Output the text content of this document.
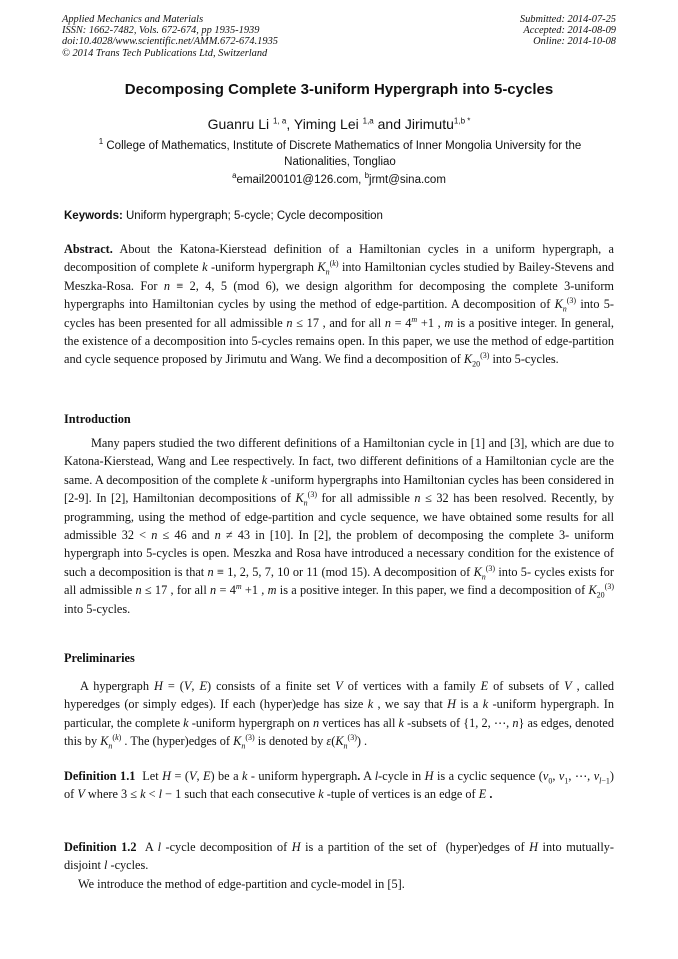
Applied Mechanics and Materials
ISSN: 1662-7482, Vols. 672-674, pp 1935-1939
doi:10.4028/www.scientific.net/AMM.672-674.1935
© 2014 Trans Tech Publications Ltd, Switzerland
Submitted: 2014-07-25
Accepted: 2014-08-09
Online: 2014-10-08
Decomposing Complete 3-uniform Hypergraph into 5-cycles
Guanru Li $^{1, a}$, Yiming Lei $^{1,a}$ and Jirimutu$^{1,b *}$
$^1$ College of Mathematics, Institute of Discrete Mathematics of Inner Mongolia University for the Nationalities, Tongliao
$^a$email200101@126.com, $^b$jrmt@sina.com
Keywords: Uniform hypergraph; 5-cycle; Cycle decomposition
Abstract. About the Katona-Kierstead definition of a Hamiltonian cycles in a uniform hypergraph, a decomposition of complete k -uniform hypergraph $K_n^{(k)}$ into Hamiltonian cycles studied by Bailey-Stevens and Meszka-Rosa. For n ≡ 2, 4, 5 (mod 6), we design algorithm for decomposing the complete 3-uniform hypergraphs into Hamiltonian cycles by using the method of edge-partition. A decomposition of $K_n^{(3)}$ into 5-cycles has been presented for all admissible n ≤ 17 , and for all $n = 4^m +1$ , m is a positive integer. In general, the existence of a decomposition into 5-cycles remains open. In this paper, we use the method of edge-partition and cycle sequence proposed by Jirimutu and Wang. We find a decomposition of $K_{20}^{(3)}$ into 5-cycles.
Introduction
Many papers studied the two different definitions of a Hamiltonian cycle in [1] and [3], which are due to Katona-Kierstead, Wang and Lee respectively. In fact, two different definitions of a Hamiltonian cycle are the same. A decomposition of the complete k -uniform hypergraphs into Hamiltonian cycles has been considered in [2-9]. In [2], Hamiltonian decompositions of $K_n^{(3)}$ for all admissible n ≤ 32 has been resolved. Recently, by programming, using the method of edge-partition and cycle sequence, we have obtained some results for all admissible 32 < n ≤ 46 and n ≠ 43 in [10]. In [2], the problem of decomposing the complete 3- uniform hypergraph into 5-cycles is open. Meszka and Rosa have introduced a necessary condition for the existence of such a decomposition is that n ≡ 1, 2, 5, 7, 10 or 11 (mod 15). A decomposition of $K_n^{(3)}$ into 5- cycles exists for all admissible n ≤ 17 , for all $n = 4^m +1$ , m is a positive integer. In this paper, we find a decomposition of $K_{20}^{(3)}$ into 5-cycles.
Preliminaries
A hypergraph H = (V, E) consists of a finite set V of vertices with a family E of subsets of V , called hyperedges (or simply edges). If each (hyper)edge has size k , we say that H is a k -uniform hypergraph. In particular, the complete k -uniform hypergraph on n vertices has all k -subsets of {1, 2, ⋯, n} as edges, denoted this by $K_n^{(k)}$ . The (hyper)edges of $K_n^{(3)}$ is denoted by $\varepsilon(K_n^{(3)})$ .
Definition 1.1  Let H = (V, E) be a k - uniform hypergraph. A l-cycle in H is a cyclic sequence ($v_0$, $v_1$, ⋯, $v_{l-1}$) of V where 3 ≤ k < l − 1 such that each consecutive k -tuple of vertices is an edge of E .
Definition 1.2  A l -cycle decomposition of H is a partition of the set of  (hyper)edges of H into mutually-disjoint l -cycles.
We introduce the method of edge-partition and cycle-model in [5].
